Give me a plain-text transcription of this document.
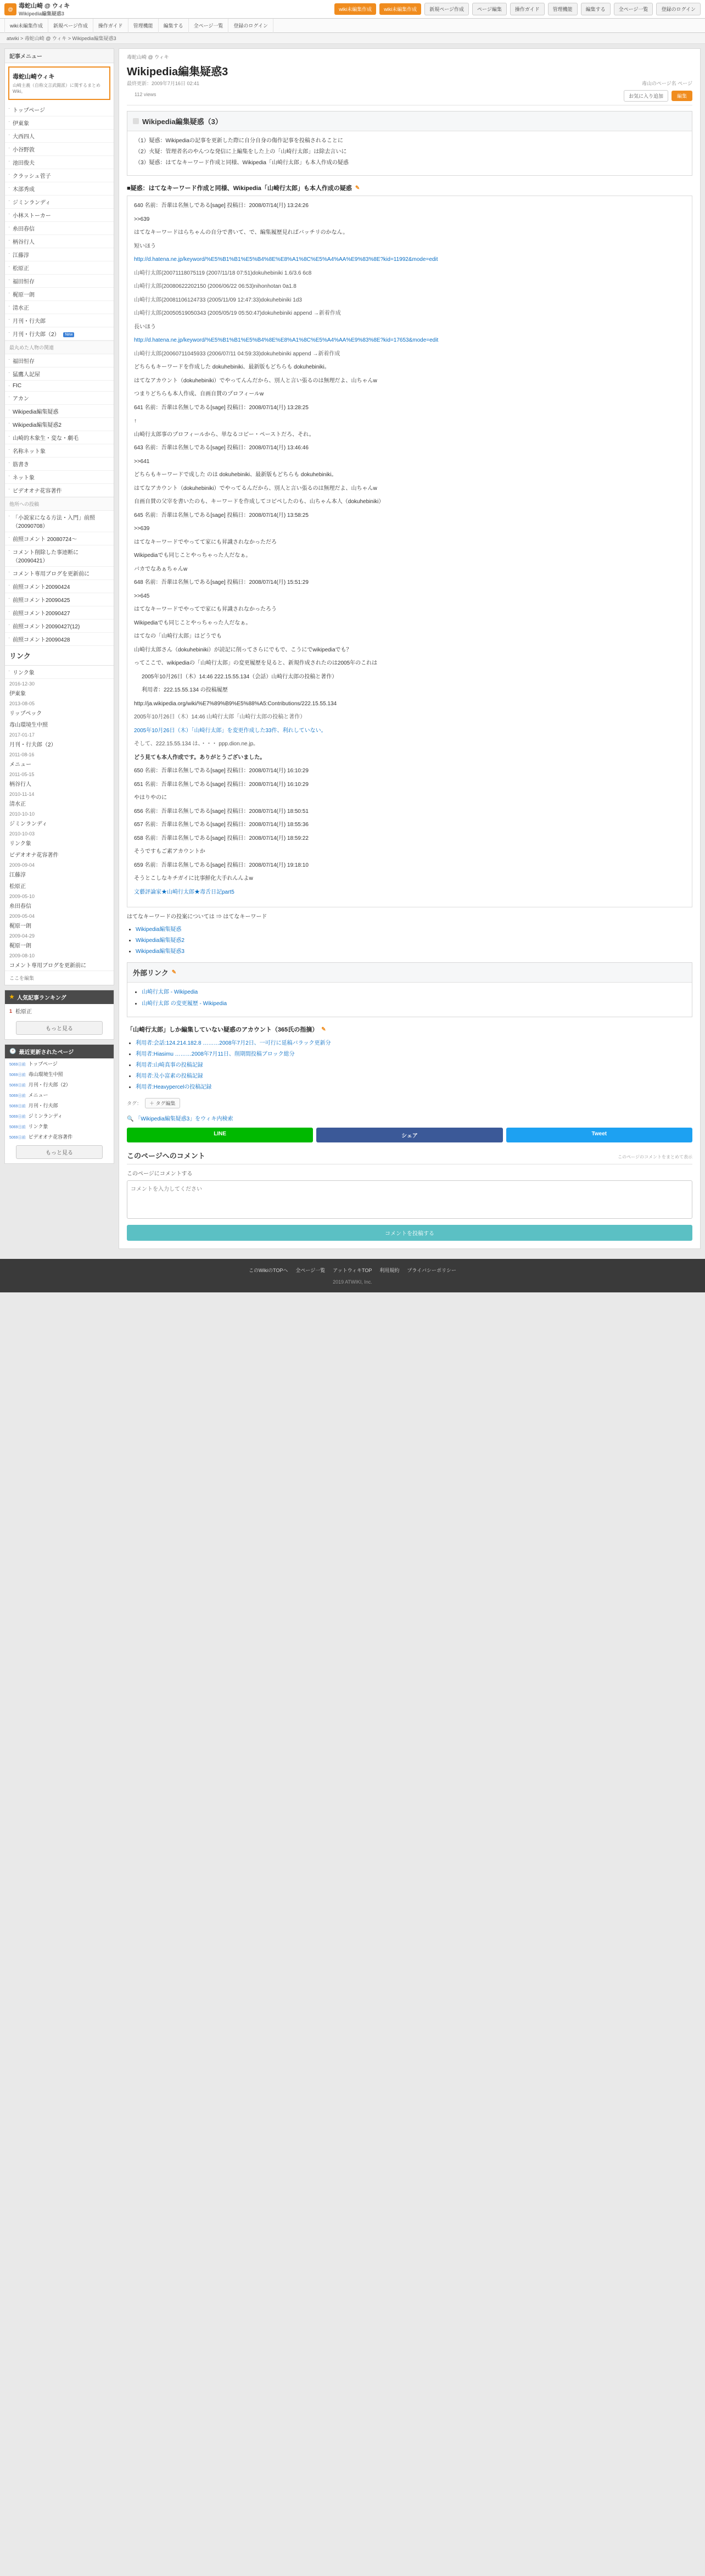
@ 毒蛇山崎 @ ウィキ
Wikipedia編集疑惑3
wiki未編集作成	wiki未編集作成	新規ページ作成	ページ編集	操作ガイド	管理機能	編集する	全ページ一覧	登録のログイン
wiki未編集作成	新規ページ作成	操作ガイド	管理機能	編集する	全ページ一覧	登録のログイン
atwiki > 毒蛇山崎 @ ウィキ > Wikipedia編集疑惑3
記事メニュー
毒蛇山崎ウィキ
山崎主義（自称文言武闘派）に関するまとめWiki。
· トップページ
· 伊東象
· 大西四人
· 小谷野敦
· 池田俊夫
· クラッシュ菅子
· 木部秀成
· ジミンランディ
· 小林ストーカー
· 糸田春信
· 柄谷行人
· 江藤淳
· 松原正
· 福田恒存
· 梶原一朗
· 清水正
· 月刊・行夫郎
· 月刊・行夫郎（2） New
最丸めた人物の関連
· 福田恒存
· 猛鷹人記屋
· FIC
· アカン
· Wikipedia編集疑惑
· Wikipedia編集疑惑2
· 山崎的木象生・変な・劇毛
· 名称ネット象
· 筋書き
· ネット象
· ビデオオナ花容著件
他所への投稿
· 「小説家になる方法・入門」前照（20090708）
· 前照コメント 20080724～
· コメント削除した事迹断に（20090421）
· コメント専用ブログを更新前に
· 前照コメント20090424
· 前照コメント20090425
· 前照コメント20090427
· 前照コメント20090427(12)
· 前照コメント20090428
リンク
· リンク象
2016-12-30
伊東象
2013-08-05
リップペック
毒山環境生中照
2017-01-17
月刊・行夫郎（2）
2011-08-16
メニュー
2011-05-15
柄谷行人
2010-11-14
清水正
2010-10-10
ジミンランディ
2010-10-03
リンク象
ビデオオナ花容著件
2009-09-04
江藤淳
松原正
2009-05-10
糸田春信
2009-05-04
梶原一朗
2009-04-29
梶原一朗
2009-08-10
コメント専用ブログを更新前に
ここを編集
★ 人気記事ランキング
1 松原正
もっと見る
🕐 最近更新されたページ
5069日前 トップページ
5069日前 毒山環境生中照
5069日前 月刊・行夫郎（2）
5069日前 メニュー
5069日前 月刊・行夫郎
5069日前 ジミンランディ
5069日前 リンク象
5069日前 ビデオオナ花容著件
もっと見る
毒蛇山崎 @ ウィキ
Wikipedia編集疑惑3
最終更新：2009年7月16日 02:41	毒山のページ名 ページ
112 views	お気に入り追加	編集
Wikipedia編集疑惑（3）
（1）疑惑：Wikipediaの記事を更新した際に自分自身の傷作記事を投稿されることに
（2）火疑：管理者名のやんつな発信に上編集をした上の「山崎行太郎」は除去言いに
（3）疑惑：はてなキーワード作成と同様、Wikipedia「山崎行太郎」も本人作成の疑惑
■疑惑：はてなキーワード作成と同様、Wikipedia「山崎行太郎」も本人作成の疑惑 ✎

640 名前：吾輩は名無しである[sage] 投稿日：2008/07/14(月) 13:24:26

>>639

はてなキーワードはらちゃんの自分で書いて、で、編集履歴見ればバッチリのかなん。

短いほう

http://d.hatena.ne.jp/keyword/%E5%B1%B1%E5%B4%8E%E8%A1%8C%E5%A4%AA%E9%83%8E?kid=11992&mode=edit

山崎行太郎(20071118075119 (2007/11/18 07:51)dokuhebiniki 1.6/3.6 6c8

山崎行太郎(20080622202150 (2006/06/22 06:53)nihonhotan 0a1.8

山崎行太郎(20081106124733 (2005/11/09 12:47:33)dokuhebiniki 1d3

山崎行太郎(20050519050343 (2005/05/19 05:50:47)dokuhebiniki append →新着作成

長いほう

http://d.hatena.ne.jp/keyword/%E5%B1%B1%E5%B4%8E%E8%A1%8C%E5%A4%AA%E9%83%8E?kid=17653&mode=edit

山崎行太郎(20060711045933 (2006/07/11 04:59:33)dokuhebiniki append →新着作成

どちらもキーワードを作成した dokuhebiniki、最新版もどちらも dokuhebiniki。

はてなアカウント（dokuhebiniki）でやってんんだから、別人と言い張るのは無理だよ、山ちゃんw

つまりどちらも本人作成、自画自賛のプロフィールw

641 名前：吾輩は名無しである[sage] 投稿日：2008/07/14(月) 13:28:25

↑

山崎行太郎事のプロフィールから、単なるコピー・ペーストだろ、それ。

643 名前：吾輩は名無しである[sage] 投稿日：2008/07/14(月) 13:46:46

>>641

どちらもキーワードで成した のは dokuhebiniki、最新版もどちらも dokuhebiniki。

はてなアカウント（dokuhebiniki）でやってるんだから、別人と言い張るのは無理だよ、山ちゃんw

自画自賛の父宰を書いたのも、キーワードを作成してコピペしたのも、山ちゃん本人（dokuhebiniki）

645 名前：吾輩は名無しである[sage] 投稿日：2008/07/14(月) 13:58:25

>>639

はてなキーワードでやってて家にも昇識されなかっただろ

Wikipediaでも同じことやっちゃった人だなぁ。

バカでなあぁちゃんw

648 名前：吾輩は名無しである[sage] 投稿日：2008/07/14(月) 15:51:29

>>645

はてなキーワードでやってで家にも昇識されなかったろう

Wikipediaでも同じことやっちゃった人だなぁ。

はてなの「山崎行太郎」はどうでも

山崎行太郎さん（dokuhebiniki）が読記に削ってさらにでもで、こうにでwikipediaでも？

ってここで、wikipediaの「山崎行太郎」の変更履歴を見ると、新規作成されたのは2005年のこれは

2005年10月26日（木）14:46 222.15.55.134（会話）山崎行太郎の投稿と著作）

利用者：222.15.55.134 の投稿履歴

http://ja.wikipedia.org/wiki/%E7%89%B9%E5%88%A5:Contributions/222.15.55.134

2005年10月26日（木）14:46 山崎行太郎「山崎行太郎の投稿と著作）

2005年10月26日（木）「山崎行太郎」を変更作成した33件、利れしていない。

そして、222.15.55.134 は、・・・ ppp.dion.ne.jp。

どう見ても本人作成です。ありがとうございました。

650 名前：吾輩は名無しである[sage] 投稿日：2008/07/14(月) 16:10:29

651 名前：吾輩は名無しである[sage] 投稿日：2008/07/14(月) 16:10:29

やはりやのに

656 名前：吾輩は名無しである[sage] 投稿日：2008/07/14(月) 18:50:51

657 名前：吾輩は名無しである[sage] 投稿日：2008/07/14(月) 18:55:36

658 名前：吾輩は名無しである[sage] 投稿日：2008/07/14(月) 18:59:22

そうですもご素アカウントか

659 名前：吾輩は名無しである[sage] 投稿日：2008/07/14(月) 19:18:10

そうとこしなキチガイに比事鮮化大手れんんよw

文藝評論家★山崎行太郎★毒舌日記part5

はてなキーワードの投案については ⇒ はてなキーワード
• Wikipedia編集疑惑
• Wikipedia編集疑惑2
• Wikipedia編集疑惑3
外部リンク ✎
• 山崎行太郎 - Wikipedia
• 山崎行太郎 の変更履歴 - Wikipedia
「山崎行太郎」しか編集していない疑惑のアカウント（365氏の指摘） ✎
• 利用者:会話:124.214.182.8 ………2008年7月2日、一可行に延稿バラック更新分
• 利用者:Hiasimu ………2008年7月11日、削期間投稿ブロック総分
• 利用者:山崎真事の投稿記録
• 利用者:及小富素の投稿記録
• 利用者:Heavypercelの投稿記録
タグ：	＋ タグ編集
🔍 「Wikipedia編集疑惑3」をウィキ内検索
LINE	シェア	Tweet
このページへのコメント	このページのコメントをまとめて表示
このページにコメントする
コメントを入力してください
コメントを投稿する
このWikiのTOPへ 全ページ一覧 アットウィキTOP 利用規約 プライバシーポリシー
2019 ATWIKI, Inc.
